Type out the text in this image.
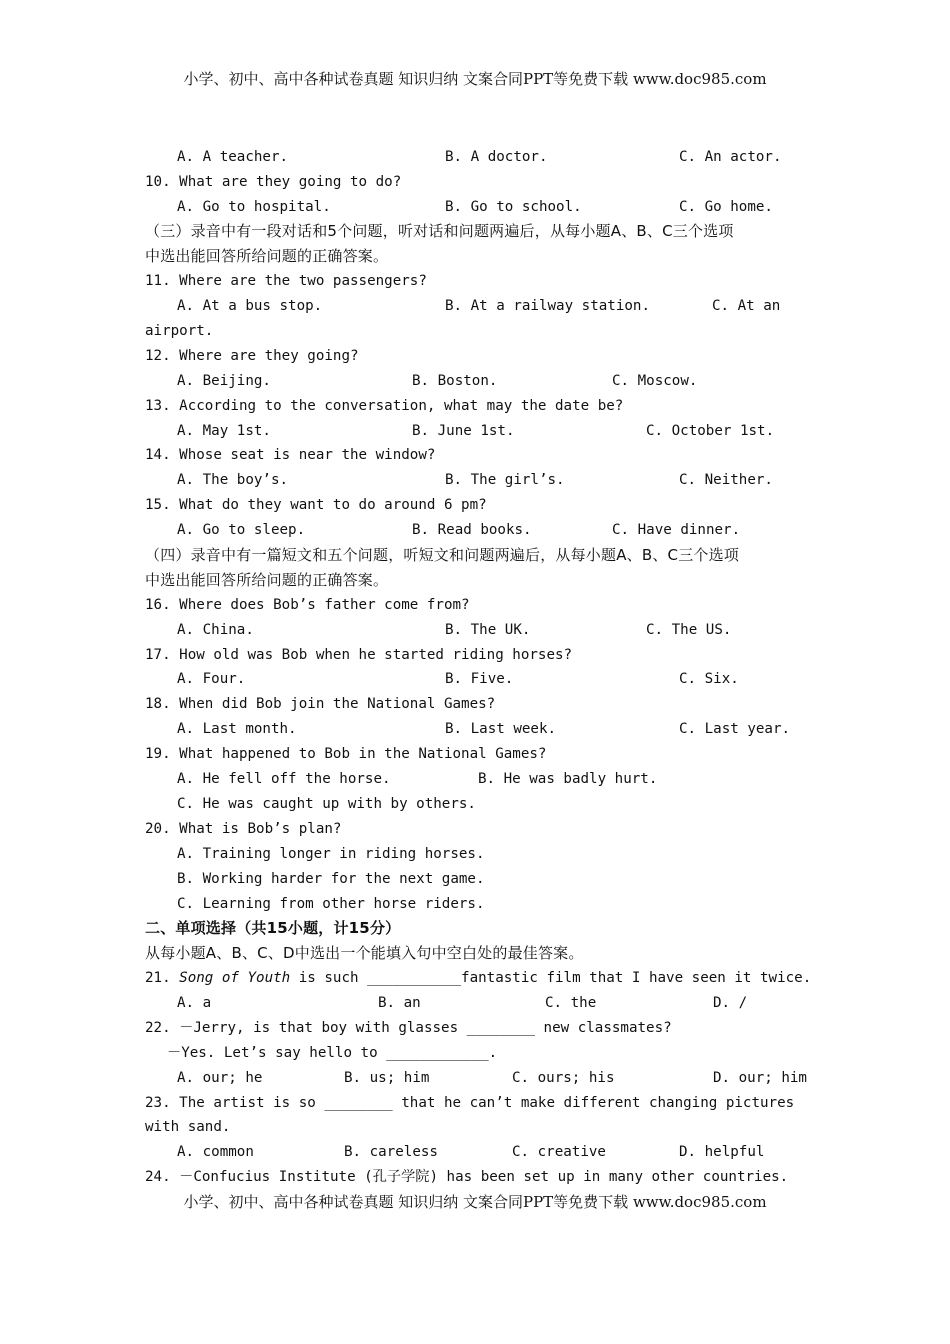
小学、初中、高中各种试卷真题 知识归纳 文案合同PPT等免费下载 www.doc985.com
A. A teacher.	B. A doctor.	C. An actor.
10. What are they going to do?
A. Go to hospital.	B. Go to school.	C. Go home.
（三）录音中有一段对话和5个问题，听对话和问题两遍后，从每小题A、B、C三个选项
中选出能回答所给问题的正确答案。
11. Where are the two passengers?
A. At a bus stop.	B. At a railway station.	C. At an
airport.
12. Where are they going?
A. Beijing.	B. Boston.	C. Moscow.
13. According to the conversation, what may the date be?
A. May 1st.	B. June 1st.	C. October 1st.
14. Whose seat is near the window?
A. The boy’s.	B. The girl’s.	C. Neither.
15. What do they want to do around 6 pm?
A. Go to sleep.	B. Read books.	C. Have dinner.
（四）录音中有一篇短文和五个问题，听短文和问题两遍后，从每小题A、B、C三个选项
中选出能回答所给问题的正确答案。
16. Where does Bob’s father come from?
A. China.	B. The UK.	C. The US.
17. How old was Bob when he started riding horses?
A. Four.	B. Five.	C. Six.
18. When did Bob join the National Games?
A. Last month.	B. Last week.	C. Last year.
19. What happened to Bob in the National Games?
A. He fell off the horse.	B. He was badly hurt.
C. He was caught up with by others.
20. What is Bob’s plan?
A. Training longer in riding horses.
B. Working harder for the next game.
C. Learning from other horse riders.
二、单项选择（共15小题，计15分）
从每小题A、B、C、D中选出一个能填入句中空白处的最佳答案。
21. Song of Youth is such ___________fantastic film that I have seen it twice.
A. a	B. an	C. the	D. /
22. －Jerry, is that boy with glasses ________ new classmates?
－Yes. Let’s say hello to ____________.
A. our; he	B. us; him	C. ours; his	D. our; him
23. The artist is so ________ that he can’t make different changing pictures
with sand.
A. common	B. careless	C. creative	D. helpful
24. －Confucius Institute (孔子学院) has been set up in many other countries.
小学、初中、高中各种试卷真题 知识归纳 文案合同PPT等免费下载 www.doc985.com
